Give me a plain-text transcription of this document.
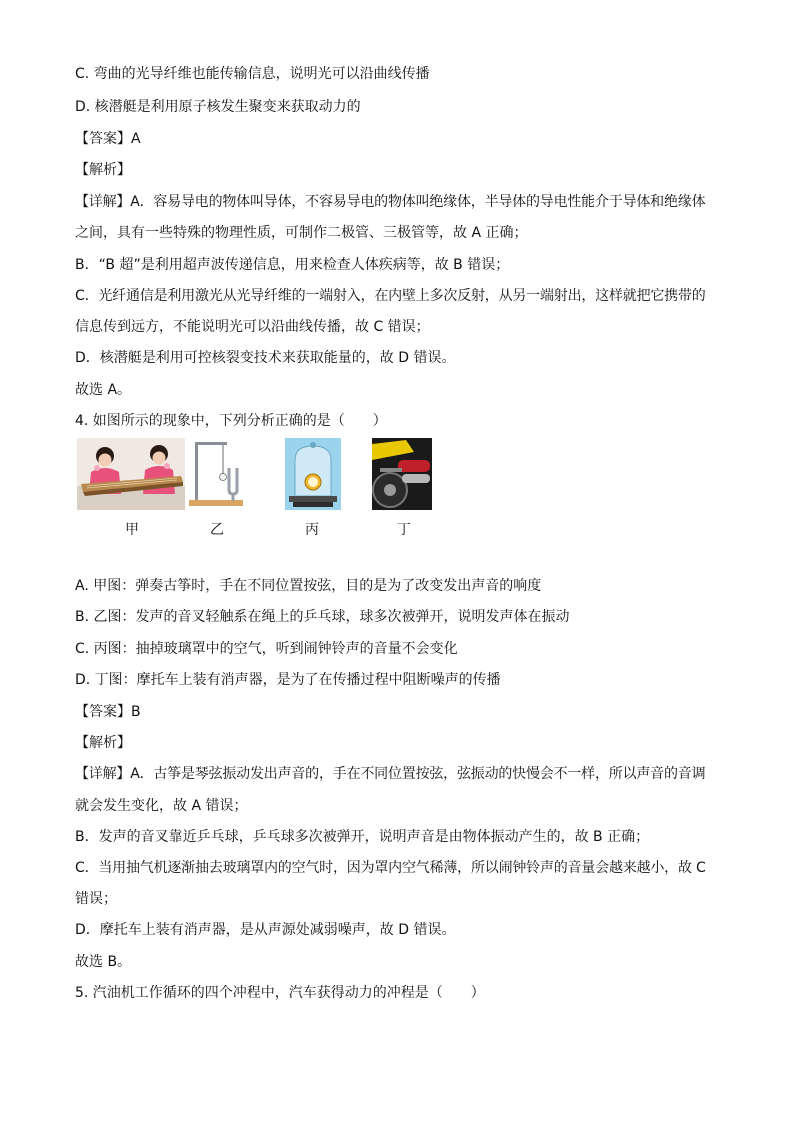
C. 弯曲的光导纤维也能传输信息，说明光可以沿曲线传播
D. 核潜艇是利用原子核发生聚变来获取动力的
【答案】A
【解析】
【详解】A．容易导电的物体叫导体，不容易导电的物体叫绝缘体，半导体的导电性能介于导体和绝缘体
之间，具有一些特殊的物理性质，可制作二极管、三极管等，故 A 正确；
B．“B 超”是利用超声波传递信息，用来检查人体疾病等，故 B 错误；
C．光纤通信是利用激光从光导纤维的一端射入，在内壁上多次反射，从另一端射出，这样就把它携带的
信息传到远方，不能说明光可以沿曲线传播，故 C 错误；
D．核潜艇是利用可控核裂变技术来获取能量的，故 D 错误。
故选 A。
4. 如图所示的现象中，下列分析正确的是（　　）
甲	乙	丙	丁
A. 甲图：弹奏古筝时，手在不同位置按弦，目的是为了改变发出声音的响度
B. 乙图：发声的音叉轻触系在绳上的乒乓球，球多次被弹开，说明发声体在振动
C. 丙图：抽掉玻璃罩中的空气，听到闹钟铃声的音量不会变化
D. 丁图：摩托车上装有消声器，是为了在传播过程中阻断噪声的传播
【答案】B
【解析】
【详解】A．古筝是琴弦振动发出声音的，手在不同位置按弦，弦振动的快慢会不一样，所以声音的音调
就会发生变化，故 A 错误；
B．发声的音叉靠近乒乓球，乒乓球多次被弹开，说明声音是由物体振动产生的，故 B 正确；
C．当用抽气机逐渐抽去玻璃罩内的空气时，因为罩内空气稀薄，所以闹钟铃声的音量会越来越小，故 C
错误；
D．摩托车上装有消声器，是从声源处减弱噪声，故 D 错误。
故选 B。
5. 汽油机工作循环的四个冲程中，汽车获得动力的冲程是（　　）
